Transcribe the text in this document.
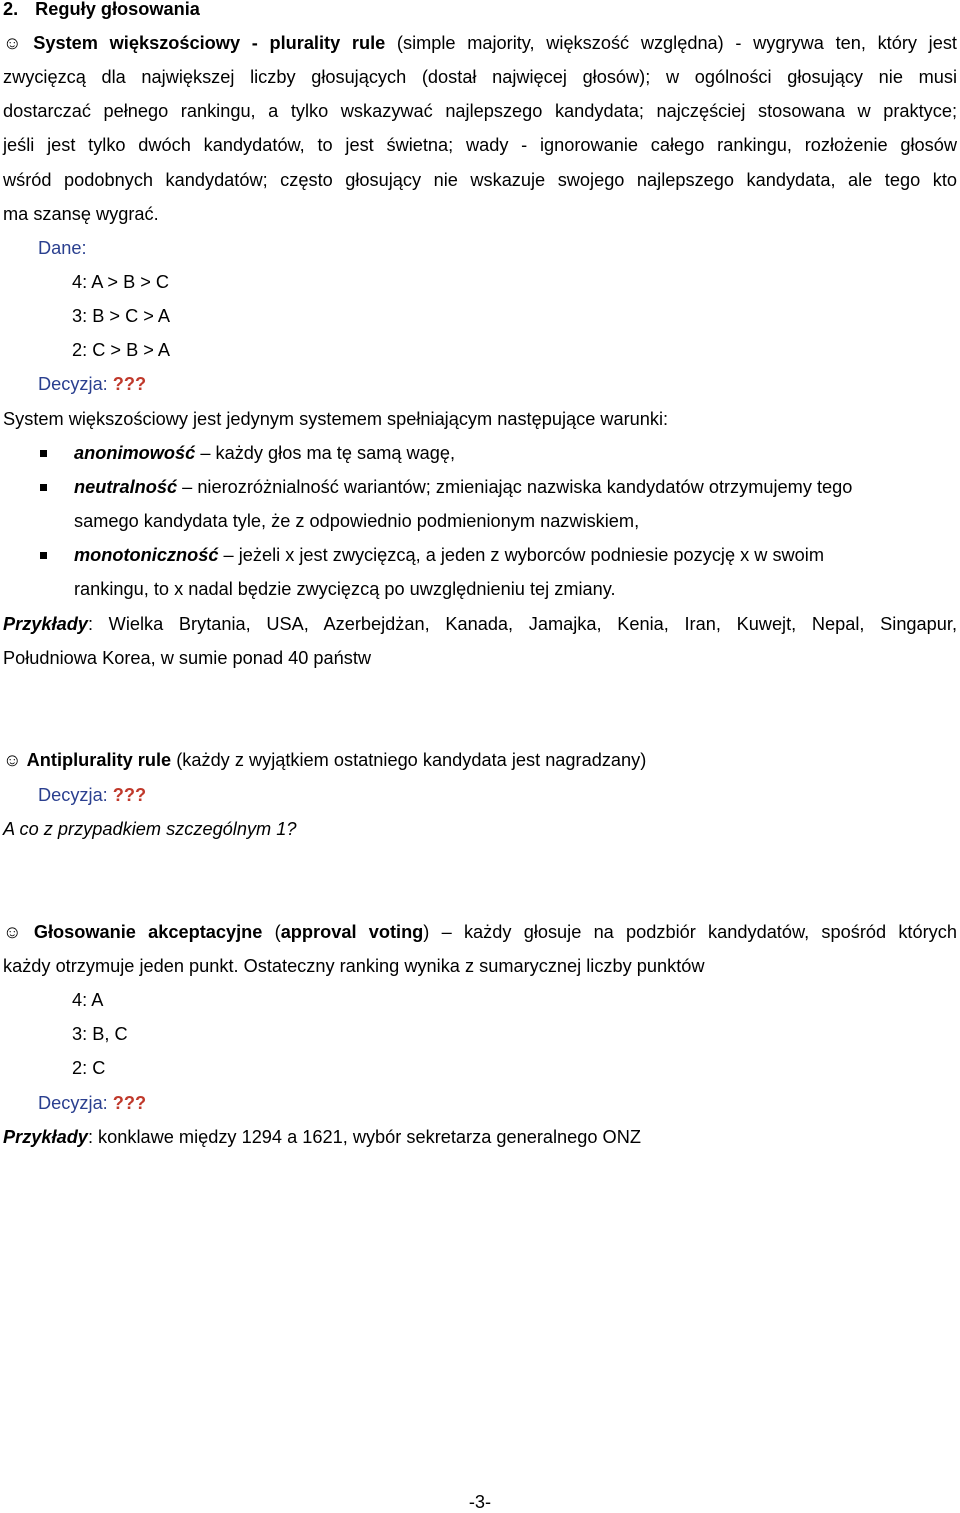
2. Reguły głosowania
☺ System większościowy - plurality rule (simple majority, większość względna) - wygrywa ten, który jest
zwycięzcą dla największej liczby głosujących (dostał najwięcej głosów); w ogólności głosujący nie musi
dostarczać pełnego rankingu, a tylko wskazywać najlepszego kandydata; najczęściej stosowana w praktyce;
jeśli jest tylko dwóch kandydatów, to jest świetna; wady - ignorowanie całego rankingu, rozłożenie głosów
wśród podobnych kandydatów; często głosujący nie wskazuje swojego najlepszego kandydata, ale tego kto
ma szansę wygrać.
Dane:
4: A > B > C
3: B > C > A
2: C > B > A
Decyzja: ???
System większościowy jest jedynym systemem spełniającym następujące warunki:
anonimowość – każdy głos ma tę samą wagę,
neutralność – nierozróżnialność wariantów; zmieniając nazwiska kandydatów otrzymujemy tego
samego kandydata tyle, że z odpowiednio podmienionym nazwiskiem,
monotoniczność – jeżeli x jest zwycięzcą, a jeden z wyborców podniesie pozycję x w swoim
rankingu, to x nadal będzie zwycięzcą po uwzględnieniu tej zmiany.
Przykłady: Wielka Brytania, USA, Azerbejdżan, Kanada, Jamajka, Kenia, Iran, Kuwejt, Nepal, Singapur,
Południowa Korea, w sumie ponad 40 państw
☺ Antiplurality rule (każdy z wyjątkiem ostatniego kandydata jest nagradzany)
Decyzja: ???
A co z przypadkiem szczególnym 1?
☺ Głosowanie akceptacyjne (approval voting) – każdy głosuje na podzbiór kandydatów, spośród których
każdy otrzymuje jeden punkt. Ostateczny ranking wynika z sumarycznej liczby punktów
4: A
3: B, C
2: C
Decyzja: ???
Przykłady: konklawe między 1294 a 1621, wybór sekretarza generalnego ONZ
-3-
